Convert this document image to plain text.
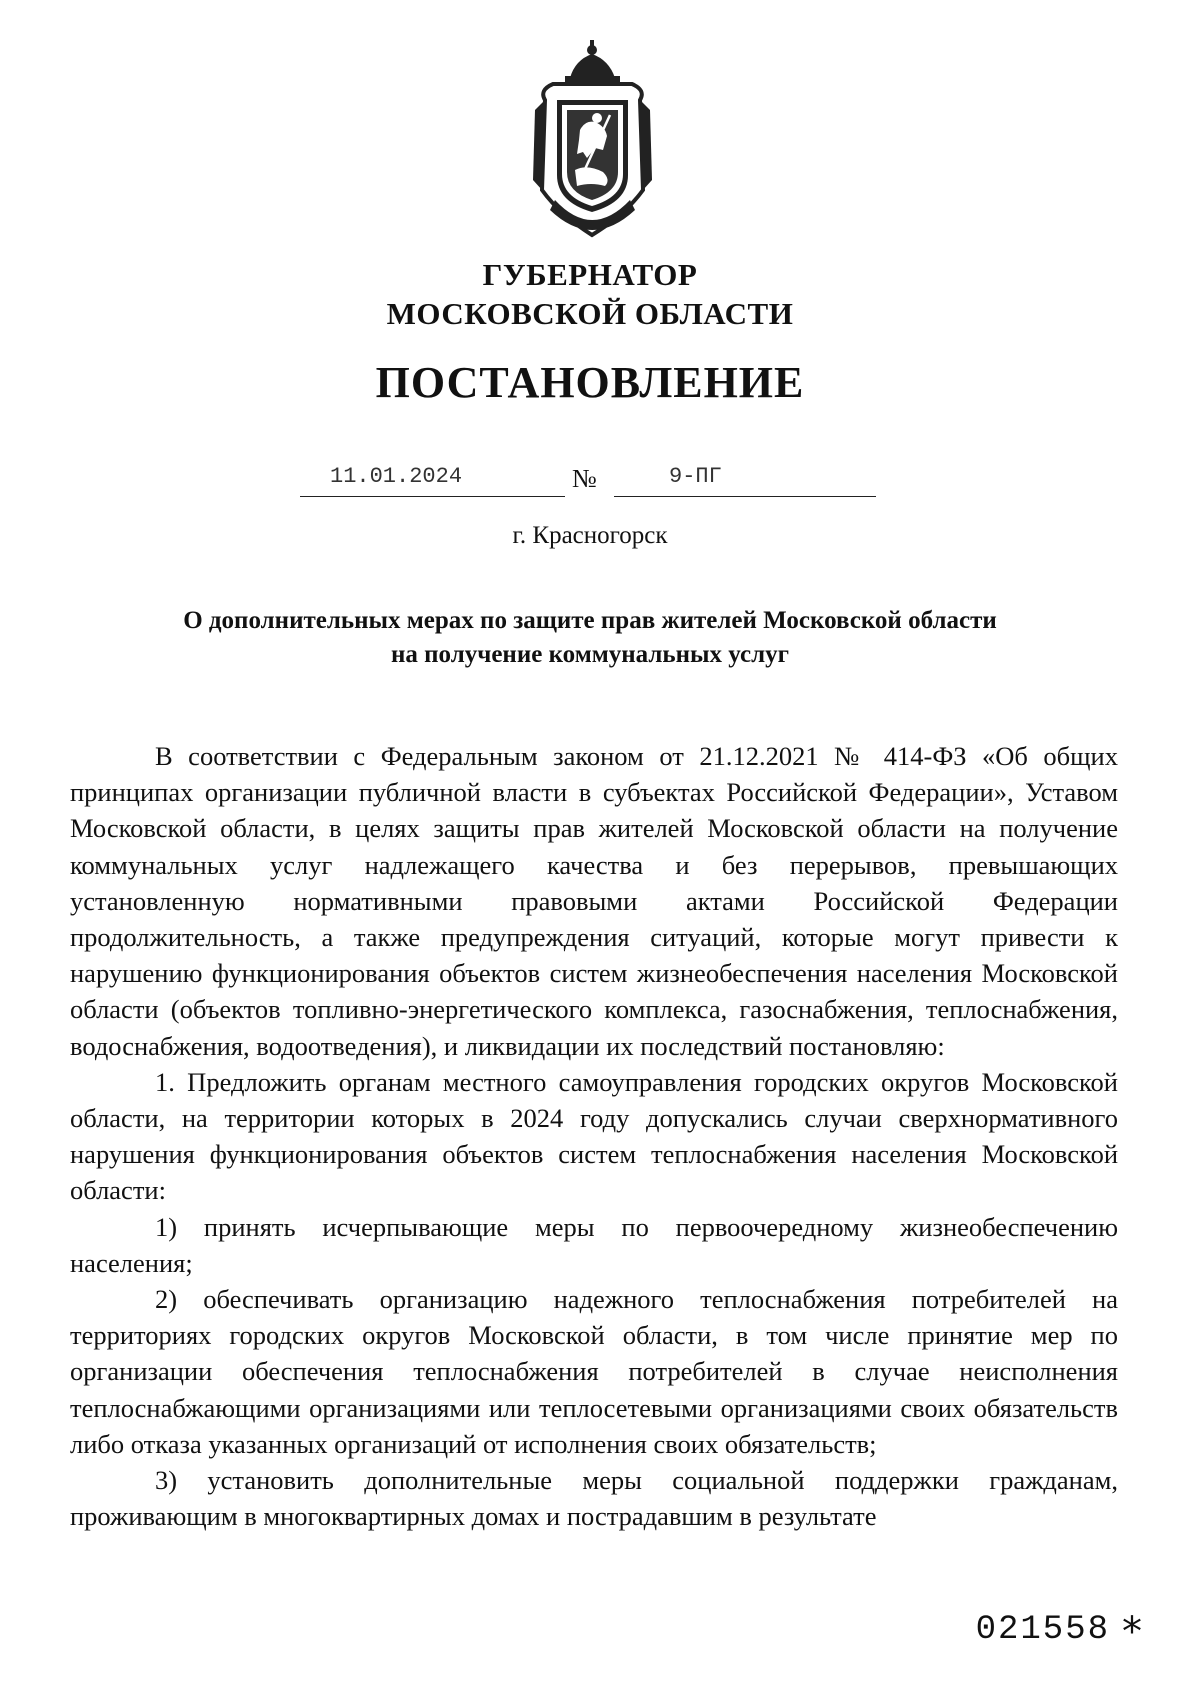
ГУБЕРНАТОР
МОСКОВСКОЙ ОБЛАСТИ
ПОСТАНОВЛЕНИЕ
11.01.2024	№	9-ПГ
г. Красногорск
О дополнительных мерах по защите прав жителей Московской области
на получение коммунальных услуг

В соответствии с Федеральным законом от 21.12.2021 № 414-ФЗ «Об общих принципах организации публичной власти в субъектах Российской Федерации», Уставом Московской области, в целях защиты прав жителей Московской области на получение коммунальных услуг надлежащего качества и без перерывов, превышающих установленную нормативными правовыми актами Российской Федерации продолжительность, а также предупреждения ситуаций, которые могут привести к нарушению функционирования объектов систем жизнеобеспечения населения Московской области (объектов топливно-энергетического комплекса, газоснабжения, теплоснабжения, водоснабжения, водоотведения), и ликвидации их последствий постановляю:

1. Предложить органам местного самоуправления городских округов Московской области, на территории которых в 2024 году допускались случаи сверхнормативного нарушения функционирования объектов систем теплоснабжения населения Московской области:

1) принять исчерпывающие меры по первоочередному жизнеобеспечению населения;

2) обеспечивать организацию надежного теплоснабжения потребителей на территориях городских округов Московской области, в том числе принятие мер по организации обеспечения теплоснабжения потребителей в случае неисполнения теплоснабжающими организациями или теплосетевыми организациями своих обязательств либо отказа указанных организаций от исполнения своих обязательств;

3) установить дополнительные меры социальной поддержки гражданам, проживающим в многоквартирных домах и пострадавшим в результате

021558 *
